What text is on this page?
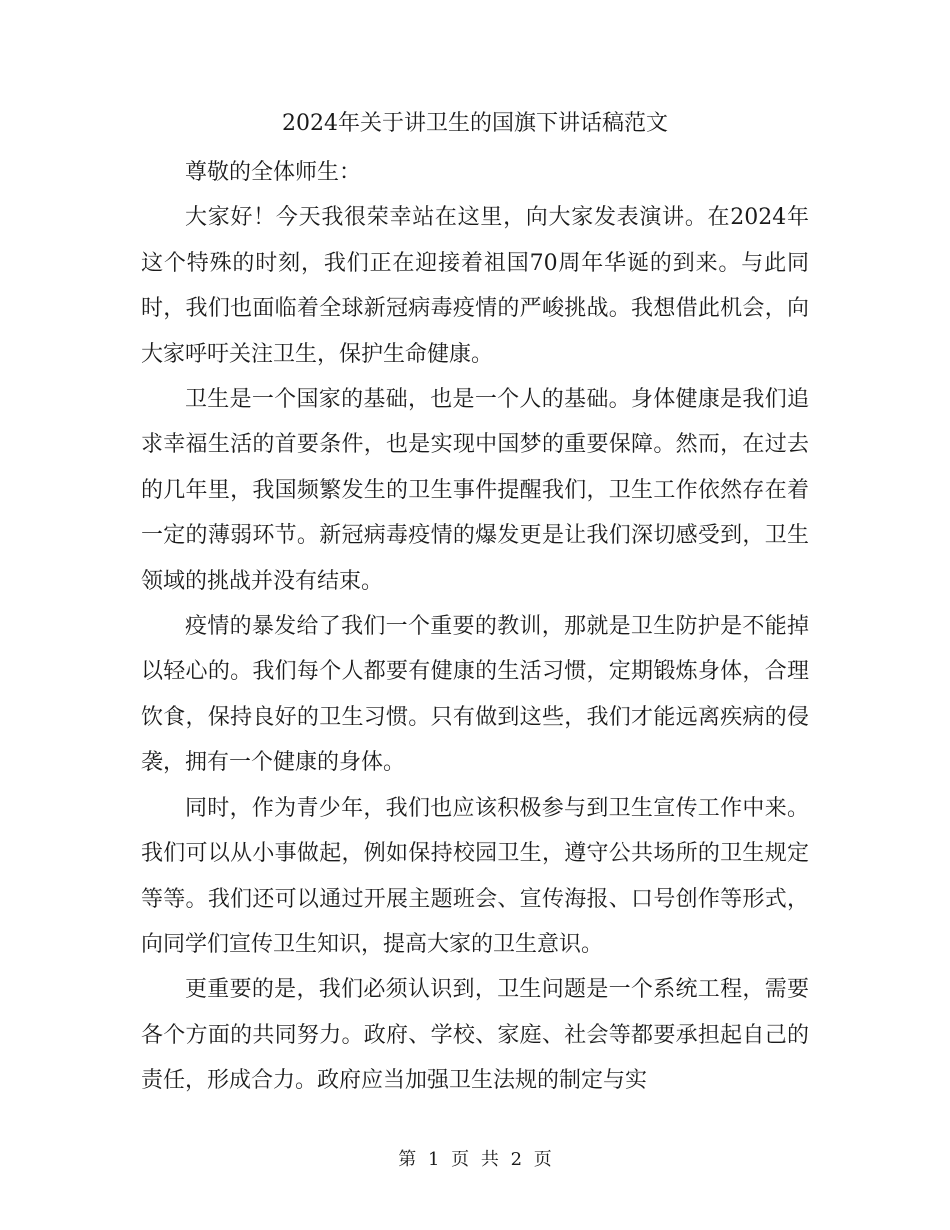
2024年关于讲卫生的国旗下讲话稿范文

尊敬的全体师生：

大家好！今天我很荣幸站在这里，向大家发表演讲。在2024年这个特殊的时刻，我们正在迎接着祖国70周年华诞的到来。与此同时，我们也面临着全球新冠病毒疫情的严峻挑战。我想借此机会，向大家呼吁关注卫生，保护生命健康。

卫生是一个国家的基础，也是一个人的基础。身体健康是我们追求幸福生活的首要条件，也是实现中国梦的重要保障。然而，在过去的几年里，我国频繁发生的卫生事件提醒我们，卫生工作依然存在着一定的薄弱环节。新冠病毒疫情的爆发更是让我们深切感受到，卫生领域的挑战并没有结束。

疫情的暴发给了我们一个重要的教训，那就是卫生防护是不能掉以轻心的。我们每个人都要有健康的生活习惯，定期锻炼身体，合理饮食，保持良好的卫生习惯。只有做到这些，我们才能远离疾病的侵袭，拥有一个健康的身体。

同时，作为青少年，我们也应该积极参与到卫生宣传工作中来。我们可以从小事做起，例如保持校园卫生，遵守公共场所的卫生规定等等。我们还可以通过开展主题班会、宣传海报、口号创作等形式，向同学们宣传卫生知识，提高大家的卫生意识。

更重要的是，我们必须认识到，卫生问题是一个系统工程，需要各个方面的共同努力。政府、学校、家庭、社会等都要承担起自己的责任，形成合力。政府应当加强卫生法规的制定与实

第 1 页 共 2 页
